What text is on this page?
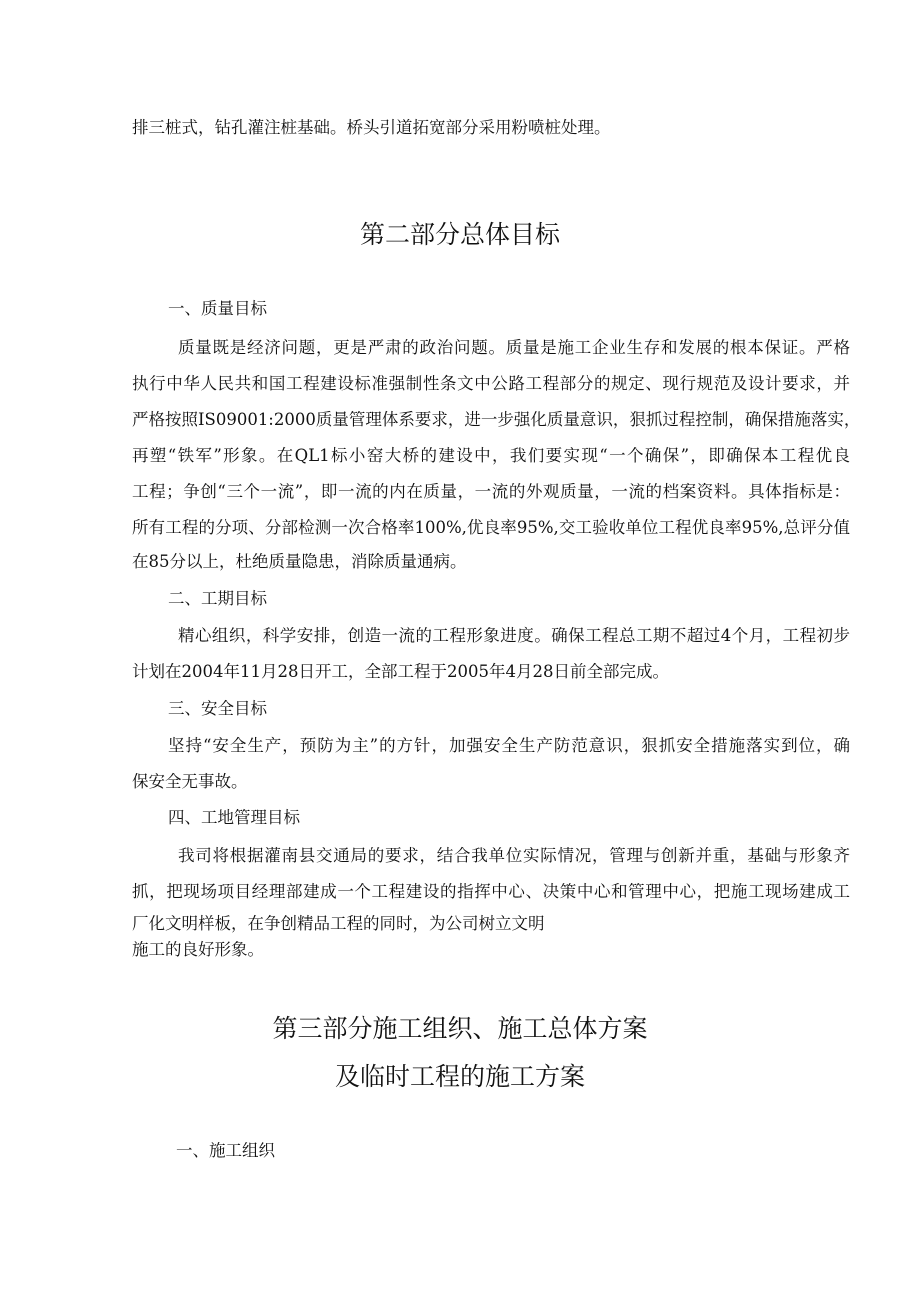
排三桩式，钻孔灌注桩基础。桥头引道拓宽部分采用粉喷桩处理。

第二部分总体目标

一、质量目标

质量既是经济问题，更是严肃的政治问题。质量是施工企业生存和发展的根本保证。严格

执行中华人民共和国工程建设标准强制性条文中公路工程部分的规定、现行规范及设计要求，并

严格按照IS09001:2000质量管理体系要求，进一步强化质量意识，狠抓过程控制，确保措施落实，

再塑“铁军”形象。在QL1标小窑大桥的建设中，我们要实现“一个确保”，即确保本工程优良

工程；争创“三个一流”，即一流的内在质量，一流的外观质量，一流的档案资料。具体指标是：

所有工程的分项、分部检测一次合格率100%,优良率95%,交工验收单位工程优良率95%,总评分值

在85分以上，杜绝质量隐患，消除质量通病。

二、工期目标

精心组织，科学安排，创造一流的工程形象进度。确保工程总工期不超过4个月，工程初步

计划在2004年11月28日开工，全部工程于2005年4月28日前全部完成。

三、安全目标

坚持“安全生产，预防为主”的方针，加强安全生产防范意识，狠抓安全措施落实到位，确

保安全无事故。

四、工地管理目标

我司将根据灌南县交通局的要求，结合我单位实际情况，管理与创新并重，基础与形象齐

抓，把现场项目经理部建成一个工程建设的指挥中心、决策中心和管理中心，把施工现场建成工

厂化文明样板，在争创精品工程的同时，为公司树立文明

施工的良好形象。

第三部分施工组织、施工总体方案
及临时工程的施工方案

一、施工组织
